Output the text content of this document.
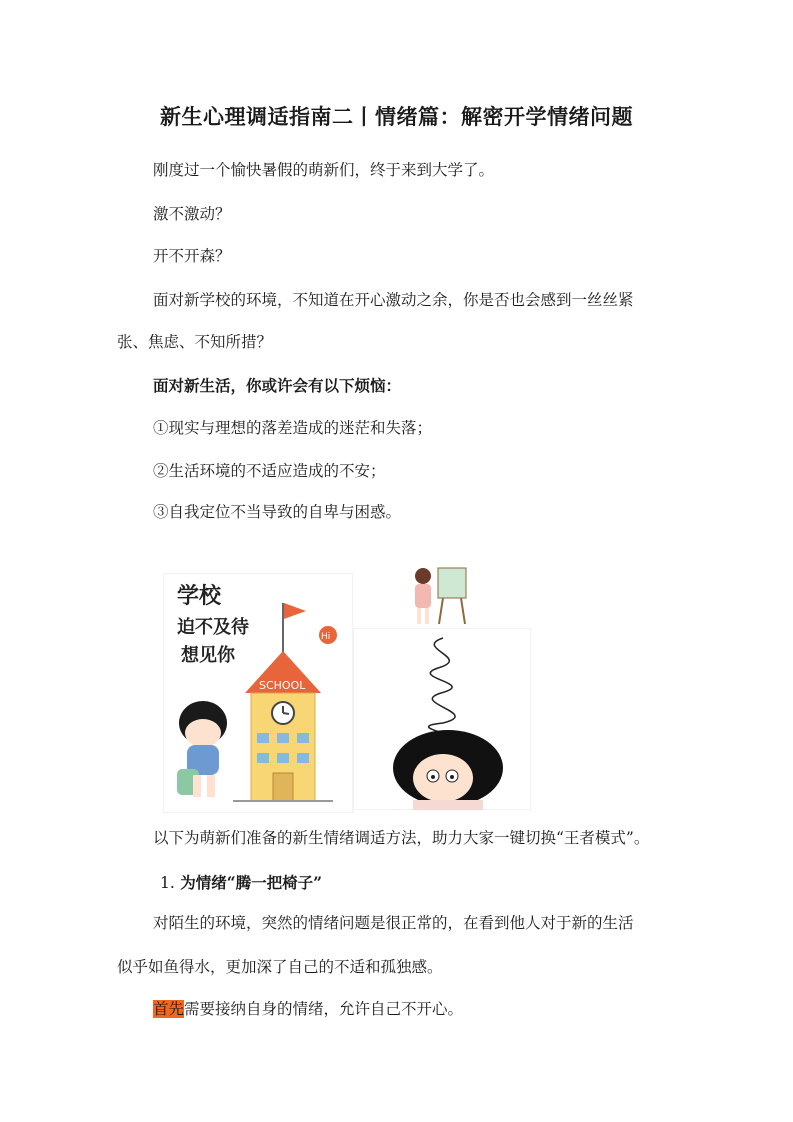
新生心理调适指南二丨情绪篇：解密开学情绪问题

刚度过一个愉快暑假的萌新们，终于来到大学了。

激不激动？

开不开森？

面对新学校的环境，不知道在开心激动之余，你是否也会感到一丝丝紧

张、焦虑、不知所措？

面对新生活，你或许会有以下烦恼：

①现实与理想的落差造成的迷茫和失落；

②生活环境的不适应造成的不安；

③自我定位不当导致的自卑与困惑。

学校
迫不及待
想见你
Hi
SCHOOL

以下为萌新们准备的新生情绪调适方法，助力大家一键切换“王者模式”。

1. 为情绪“腾一把椅子”

对陌生的环境，突然的情绪问题是很正常的，在看到他人对于新的生活

似乎如鱼得水，更加深了自己的不适和孤独感。

首先需要接纳自身的情绪，允许自己不开心。
